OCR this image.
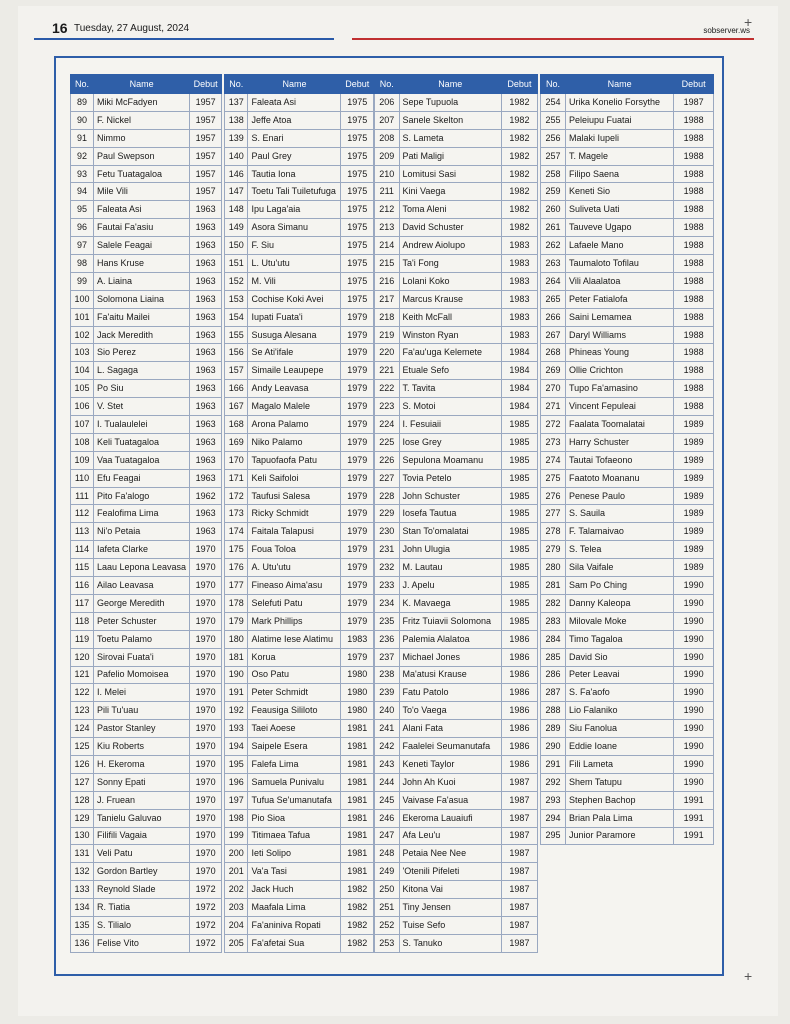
16 Tuesday, 27 August, 2024	sobserver.ws
+
+
No.	Name	Debut
89	Miki McFadyen	1957
90	F. Nickel	1957
91	Nimmo	1957
92	Paul Swepson	1957
93	Fetu Tuatagaloa	1957
94	Mile Vili	1957
95	Faleata Asi	1963
96	Fautai Fa'asiu	1963
97	Salele Feagai	1963
98	Hans Kruse	1963
99	A. Liaina	1963
100	Solomona Liaina	1963
101	Fa'aitu Mailei	1963
102	Jack Meredith	1963
103	Sio Perez	1963
104	L. Sagaga	1963
105	Po Siu	1963
106	V. Stet	1963
107	I. Tualaulelei	1963
108	Keli Tuatagaloa	1963
109	Vaa Tuatagaloa	1963
110	Efu Feagai	1963
111	Pito Fa'alogo	1962
112	Fealofima Lima	1963
113	Ni'o Petaia	1963
114	Iafeta Clarke	1970
115	Laau Lepona Leavasa	1970
116	Ailao Leavasa	1970
117	George Meredith	1970
118	Peter Schuster	1970
119	Toetu Palamo	1970
120	Sirovai Fuata'i	1970
121	Pafelio Momoisea	1970
122	I. Melei	1970
123	Pili Tu'uau	1970
124	Pastor Stanley	1970
125	Kiu Roberts	1970
126	H. Ekeroma	1970
127	Sonny Epati	1970
128	J. Fruean	1970
129	Tanielu Galuvao	1970
130	Filifili Vagaia	1970
131	Veli Patu	1970
132	Gordon Bartley	1970
133	Reynold Slade	1972
134	R. Tiatia	1972
135	S. Tilialo	1972
136	Felise Vito	1972
No.	Name	Debut
137	Faleata Asi	1975
138	Jeffe Atoa	1975
139	S. Enari	1975
140	Paul Grey	1975
146	Tautia Iona	1975
147	Toetu Tali Tuiletufuga	1975
148	Ipu Laga'aia	1975
149	Asora Simanu	1975
150	F. Siu	1975
151	L. Utu'utu	1975
152	M. Vili	1975
153	Cochise Koki Avei	1975
154	Iupati Fuata'i	1979
155	Susuga Alesana	1979
156	Se Ati'ifale	1979
157	Simaile Leaupepe	1979
166	Andy Leavasa	1979
167	Magalo Malele	1979
168	Arona Palamo	1979
169	Niko Palamo	1979
170	Tapuofaofa Patu	1979
171	Keli Saifoloi	1979
172	Taufusi Salesa	1979
173	Ricky Schmidt	1979
174	Faitala Talapusi	1979
175	Foua Toloa	1979
176	A. Utu'utu	1979
177	Fineaso Aima'asu	1979
178	Selefuti Patu	1979
179	Mark Phillips	1979
180	Alatime Iese Alatimu	1983
181	Korua	1979
190	Oso Patu	1980
191	Peter Schmidt	1980
192	Feausiga Sililoto	1980
193	Taei Aoese	1981
194	Saipele Esera	1981
195	Falefa Lima	1981
196	Samuela Punivalu	1981
197	Tufua Se'umanutafa	1981
198	Pio Sioa	1981
199	Titimaea Tafua	1981
200	Ieti Solipo	1981
201	Va'a Tasi	1981
202	Jack Huch	1982
203	Maafala Lima	1982
204	Fa'aniniva Ropati	1982
205	Fa'afetai Sua	1982
No.	Name	Debut
206	Sepe Tupuola	1982
207	Sanele Skelton	1982
208	S. Lameta	1982
209	Pati Maligi	1982
210	Lomitusi Sasi	1982
211	Kini Vaega	1982
212	Toma Aleni	1982
213	David Schuster	1982
214	Andrew Aiolupo	1983
215	Ta'i Fong	1983
216	Lolani Koko	1983
217	Marcus Krause	1983
218	Keith McFall	1983
219	Winston Ryan	1983
220	Fa'au'uga Kelemete	1984
221	Etuale Sefo	1984
222	T. Tavita	1984
223	S. Motoi	1984
224	I. Fesuiaii	1985
225	Iose Grey	1985
226	Sepulona Moamanu	1985
227	Tovia Petelo	1985
228	John Schuster	1985
229	Iosefa Tautua	1985
230	Stan To'omalatai	1985
231	John Ulugia	1985
232	M. Lautau	1985
233	J. Apelu	1985
234	K. Mavaega	1985
235	Fritz Tuiavii Solomona	1985
236	Palemia Alalatoa	1986
237	Michael Jones	1986
238	Ma'atusi Krause	1986
239	Fatu Patolo	1986
240	To'o Vaega	1986
241	Alani Fata	1986
242	Faalelei Seumanutafa	1986
243	Keneti Taylor	1986
244	John Ah Kuoi	1987
245	Vaivase Fa'asua	1987
246	Ekeroma Lauaiufi	1987
247	Afa Leu'u	1987
248	Petaia Nee Nee	1987
249	'Otenili Pifeleti	1987
250	Kitona Vai	1987
251	Tiny Jensen	1987
252	Tuise Sefo	1987
253	S. Tanuko	1987
No.	Name	Debut
254	Urika Konelio Forsythe	1987
255	Peleiupu Fuatai	1988
256	Malaki Iupeli	1988
257	T. Magele	1988
258	Filipo Saena	1988
259	Keneti Sio	1988
260	Suliveta Uati	1988
261	Tauveve Ugapo	1988
262	Lafaele Mano	1988
263	Taumaloto Tofilau	1988
264	Vili Alaalatoa	1988
265	Peter Fatialofa	1988
266	Saini Lemamea	1988
267	Daryl Williams	1988
268	Phineas Young	1988
269	Ollie Crichton	1988
270	Tupo Fa'amasino	1988
271	Vincent Fepuleai	1988
272	Faalata Toomalatai	1989
273	Harry Schuster	1989
274	Tautai Tofaeono	1989
275	Faatoto Moananu	1989
276	Penese Paulo	1989
277	S. Sauila	1989
278	F. Talamaivao	1989
279	S. Telea	1989
280	Sila Vaifale	1989
281	Sam Po Ching	1990
282	Danny Kaleopa	1990
283	Milovale Moke	1990
284	Timo Tagaloa	1990
285	David Sio	1990
286	Peter Leavai	1990
287	S. Fa'aofo	1990
288	Lio Falaniko	1990
289	Siu Fanolua	1990
290	Eddie Ioane	1990
291	Fili Lameta	1990
292	Shem Tatupu	1990
293	Stephen Bachop	1991
294	Brian Pala Lima	1991
295	Junior Paramore	1991
